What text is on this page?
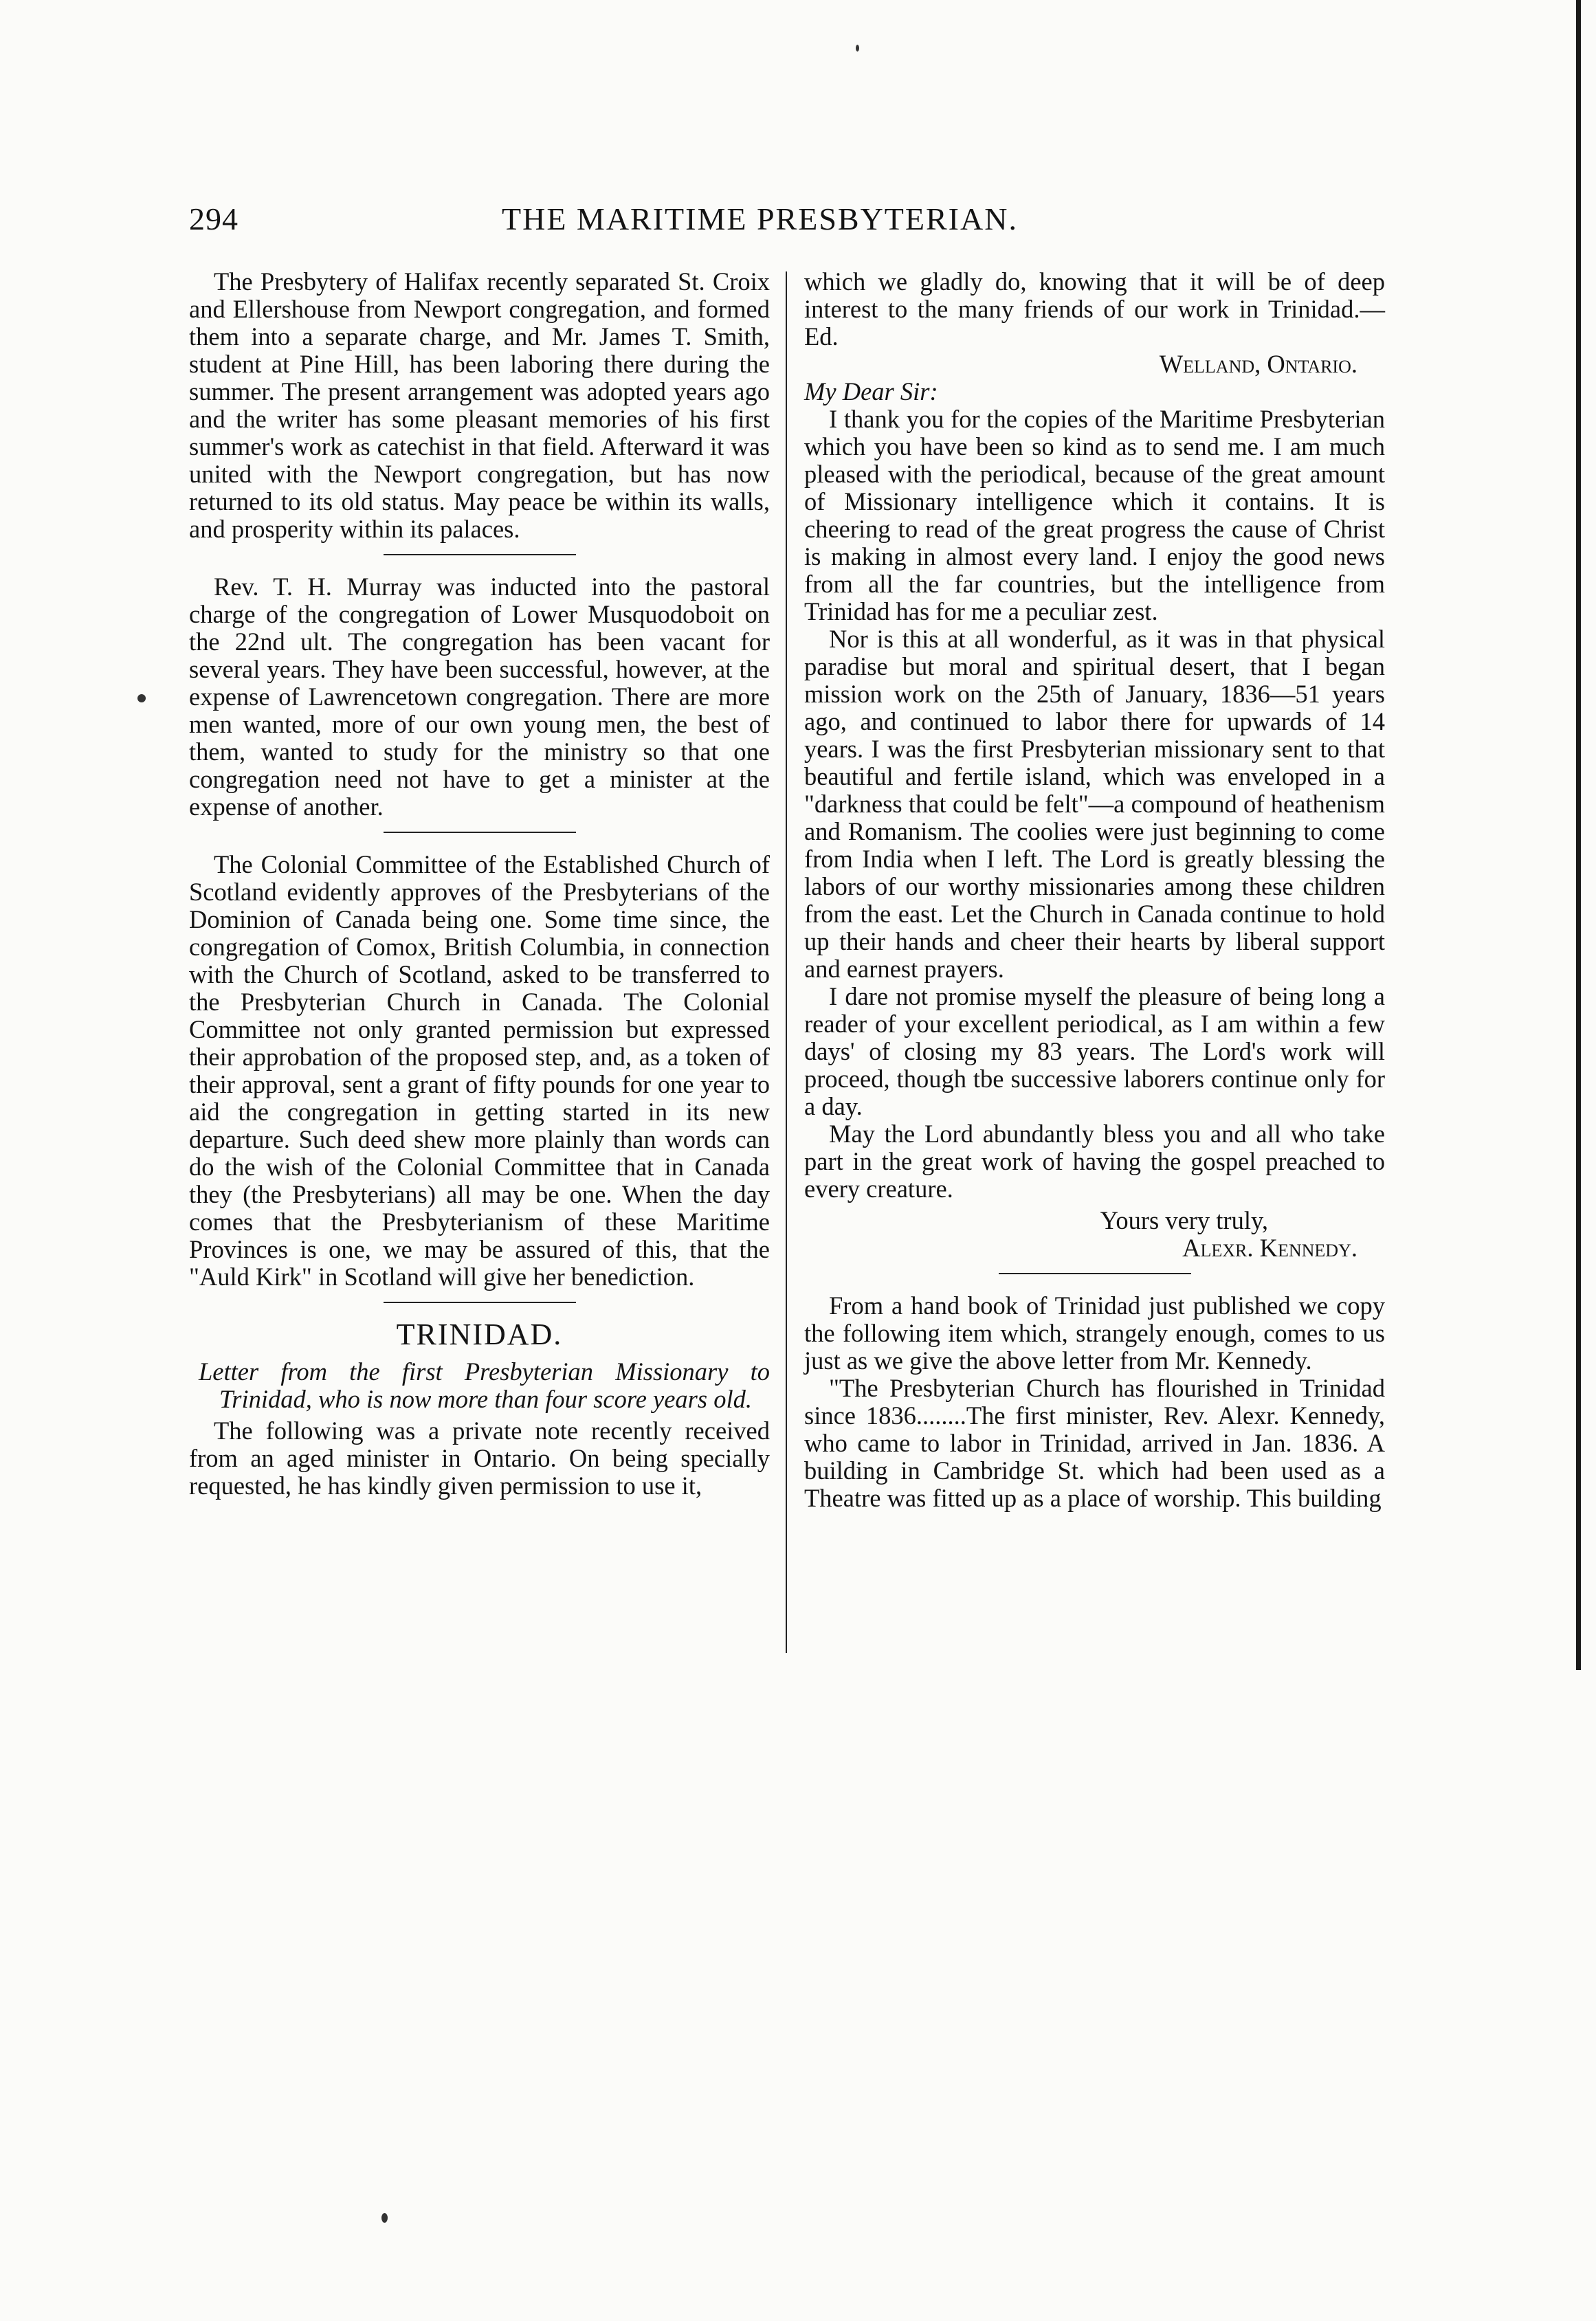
294	THE MARITIME PRESBYTERIAN.

The Presbytery of Halifax recently separated St. Croix and Ellershouse from Newport congregation, and formed them into a separate charge, and Mr. James T. Smith, student at Pine Hill, has been laboring there during the summer. The present arrangement was adopted years ago and the writer has some pleasant memories of his first summer's work as catechist in that field. Afterward it was united with the Newport congregation, but has now returned to its old status. May peace be within its walls, and prosperity within its palaces.

Rev. T. H. Murray was inducted into the pastoral charge of the congregation of Lower Musquodoboit on the 22nd ult. The congregation has been vacant for several years. They have been successful, however, at the expense of Lawrencetown congregation. There are more men wanted, more of our own young men, the best of them, wanted to study for the ministry so that one congregation need not have to get a minister at the expense of another.

The Colonial Committee of the Established Church of Scotland evidently approves of the Presbyterians of the Dominion of Canada being one. Some time since, the congregation of Comox, British Columbia, in connection with the Church of Scotland, asked to be transferred to the Presbyterian Church in Canada. The Colonial Committee not only granted permission but expressed their approbation of the proposed step, and, as a token of their approval, sent a grant of fifty pounds for one year to aid the congregation in getting started in its new departure. Such deed shew more plainly than words can do the wish of the Colonial Committee that in Canada they (the Presbyterians) all may be one. When the day comes that the Presbyterianism of these Maritime Provinces is one, we may be assured of this, that the "Auld Kirk" in Scotland will give her benediction.

TRINIDAD.

Letter from the first Presbyterian Missionary to Trinidad, who is now more than four score years old.

The following was a private note recently received from an aged minister in Ontario. On being specially requested, he has kindly given permission to use it,

which we gladly do, knowing that it will be of deep interest to the many friends of our work in Trinidad.—Ed.

Welland, Ontario.

My Dear Sir:

I thank you for the copies of the Maritime Presbyterian which you have been so kind as to send me. I am much pleased with the periodical, because of the great amount of Missionary intelligence which it contains. It is cheering to read of the great progress the cause of Christ is making in almost every land. I enjoy the good news from all the far countries, but the intelligence from Trinidad has for me a peculiar zest.

Nor is this at all wonderful, as it was in that physical paradise but moral and spiritual desert, that I began mission work on the 25th of January, 1836—51 years ago, and continued to labor there for upwards of 14 years. I was the first Presbyterian missionary sent to that beautiful and fertile island, which was enveloped in a "darkness that could be felt"—a compound of heathenism and Romanism. The coolies were just beginning to come from India when I left. The Lord is greatly blessing the labors of our worthy missionaries among these children from the east. Let the Church in Canada continue to hold up their hands and cheer their hearts by liberal support and earnest prayers.

I dare not promise myself the pleasure of being long a reader of your excellent periodical, as I am within a few days' of closing my 83 years. The Lord's work will proceed, though tbe successive laborers continue only for a day.

May the Lord abundantly bless you and all who take part in the great work of having the gospel preached to every creature.

Yours very truly,

Alexr. Kennedy.

From a hand book of Trinidad just published we copy the following item which, strangely enough, comes to us just as we give the above letter from Mr. Kennedy.

"The Presbyterian Church has flourished in Trinidad since 1836........The first minister, Rev. Alexr. Kennedy, who came to labor in Trinidad, arrived in Jan. 1836. A building in Cambridge St. which had been used as a Theatre was fitted up as a place of worship. This building
